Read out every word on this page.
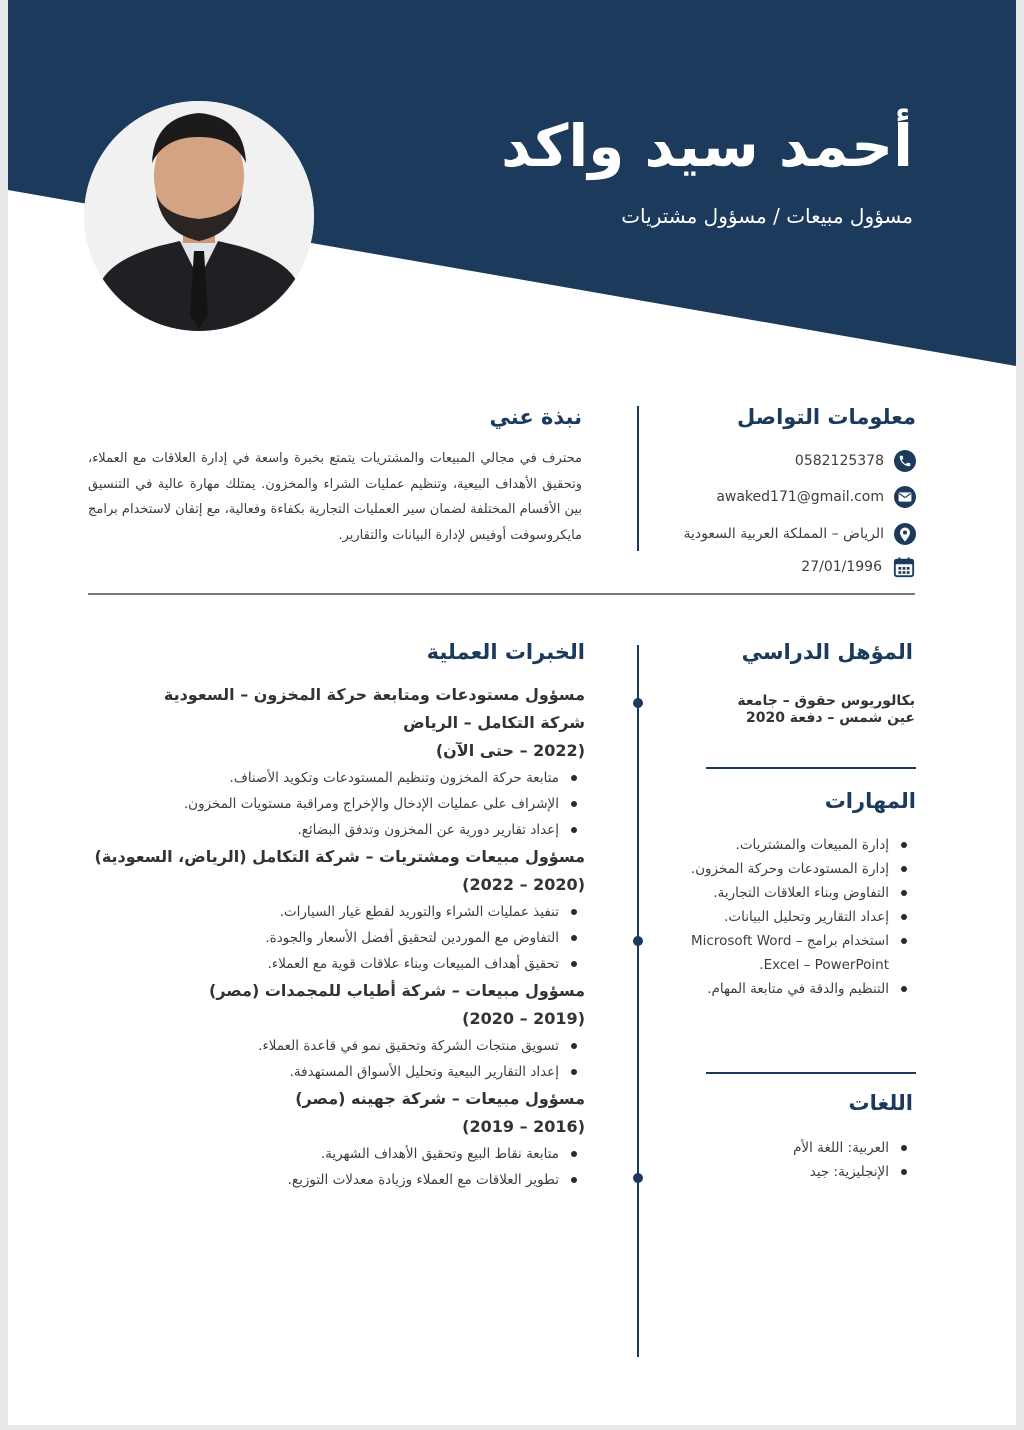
أحمد سيد واكد

مسؤول مبيعات / مسؤول مشتريات

معلومات التواصل
0582125378
awaked171@gmail.com
الرياض – المملكة العربية السعودية
27/01/1996
نبذة عني

محترف في مجالي المبيعات والمشتريات يتمتع بخبرة واسعة في إدارة العلاقات مع العملاء، وتحقيق الأهداف البيعية، وتنظيم عمليات الشراء والمخزون. يمتلك مهارة عالية في التنسيق بين الأقسام المختلفة لضمان سير العمليات التجارية بكفاءة وفعالية، مع إتقان لاستخدام برامج مايكروسوفت أوفيس لإدارة البيانات والتقارير.

المؤهل الدراسي

بكالوريوس حقوق – جامعة عين شمس – دفعة 2020

المهارات
إدارة المبيعات والمشتريات.
إدارة المستودعات وحركة المخزون.
التفاوض وبناء العلاقات التجارية.
إعداد التقارير وتحليل البيانات.
استخدام برامج Microsoft Word – Excel – PowerPoint.
التنظيم والدقة في متابعة المهام.
اللغات
العربية: اللغة الأم
الإنجليزية: جيد
الخبرات العملية

مسؤول مستودعات ومتابعة حركة المخزون – السعودية

شركة التكامل – الرياض

(2022 – حتى الآن)

متابعة حركة المخزون وتنظيم المستودعات وتكويد الأصناف.
الإشراف على عمليات الإدخال والإخراج ومراقبة مستويات المخزون.
إعداد تقارير دورية عن المخزون وتدفق البضائع.

مسؤول مبيعات ومشتريات – شركة التكامل (الرياض، السعودية)

(2020 – 2022)

تنفيذ عمليات الشراء والتوريد لقطع غيار السيارات.
التفاوض مع الموردين لتحقيق أفضل الأسعار والجودة.
تحقيق أهداف المبيعات وبناء علاقات قوية مع العملاء.

مسؤول مبيعات – شركة أطياب للمجمدات (مصر)

(2019 – 2020)

تسويق منتجات الشركة وتحقيق نمو في قاعدة العملاء.
إعداد التقارير البيعية وتحليل الأسواق المستهدفة.

مسؤول مبيعات – شركة جهينه (مصر)

(2016 – 2019)

متابعة نقاط البيع وتحقيق الأهداف الشهرية.
تطوير العلاقات مع العملاء وزيادة معدلات التوزيع.
